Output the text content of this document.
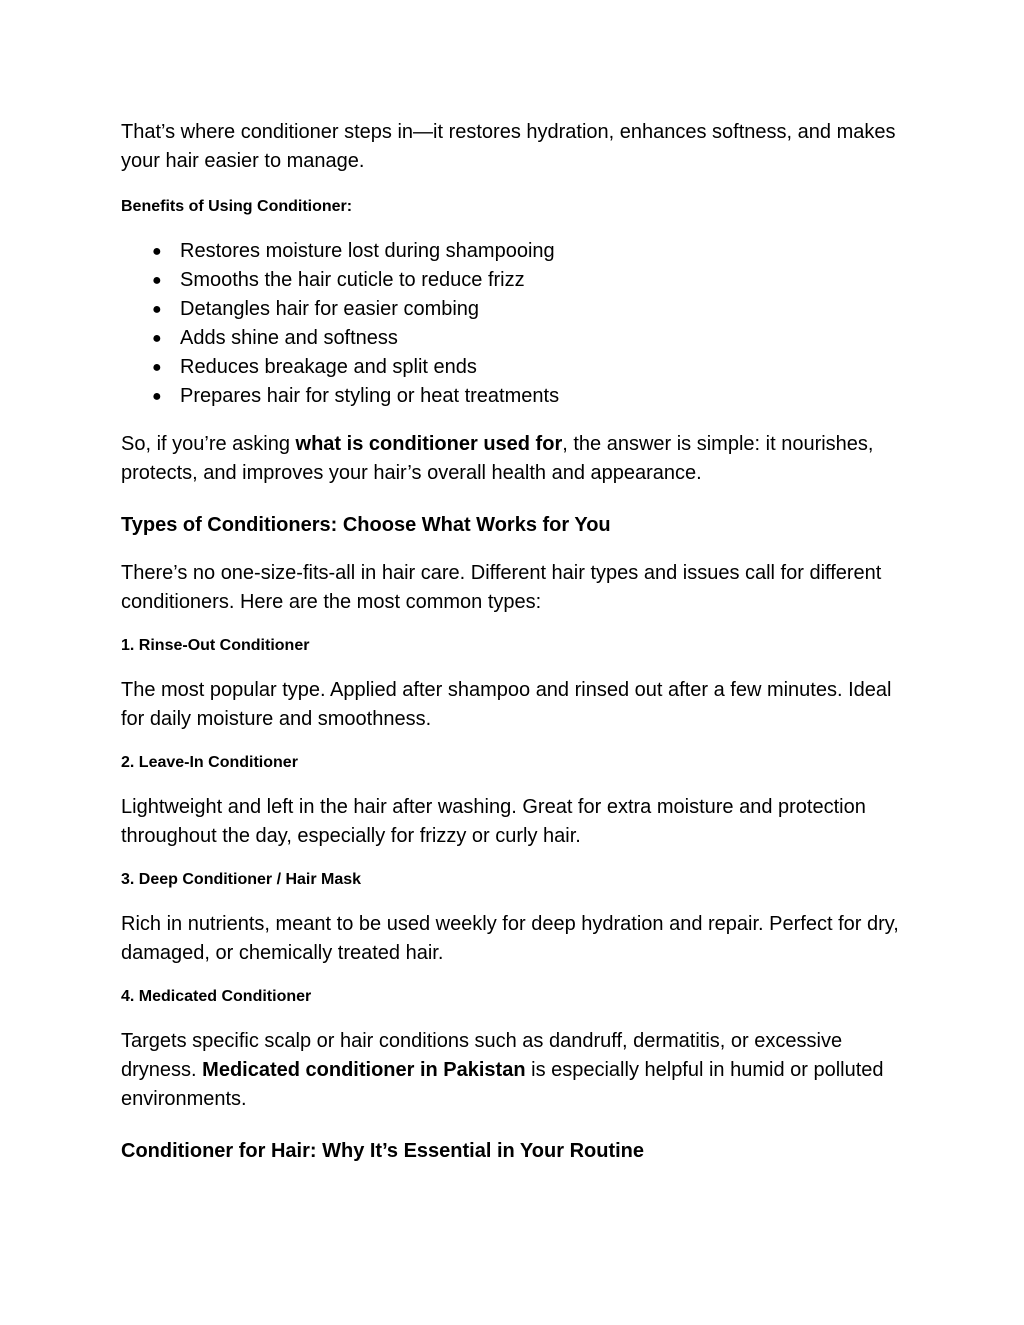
That’s where conditioner steps in—it restores hydration, enhances softness, and makes your hair easier to manage.

Benefits of Using Conditioner:
● Restores moisture lost during shampooing
● Smooths the hair cuticle to reduce frizz
● Detangles hair for easier combing
● Adds shine and softness
● Reduces breakage and split ends
● Prepares hair for styling or heat treatments

So, if you’re asking what is conditioner used for, the answer is simple: it nourishes, protects, and improves your hair’s overall health and appearance.

Types of Conditioners: Choose What Works for You

There’s no one-size-fits-all in hair care. Different hair types and issues call for different conditioners. Here are the most common types:

1. Rinse-Out Conditioner

The most popular type. Applied after shampoo and rinsed out after a few minutes. Ideal for daily moisture and smoothness.

2. Leave-In Conditioner

Lightweight and left in the hair after washing. Great for extra moisture and protection throughout the day, especially for frizzy or curly hair.

3. Deep Conditioner / Hair Mask

Rich in nutrients, meant to be used weekly for deep hydration and repair. Perfect for dry, damaged, or chemically treated hair.

4. Medicated Conditioner

Targets specific scalp or hair conditions such as dandruff, dermatitis, or excessive dryness. Medicated conditioner in Pakistan is especially helpful in humid or polluted environments.

Conditioner for Hair: Why It’s Essential in Your Routine
